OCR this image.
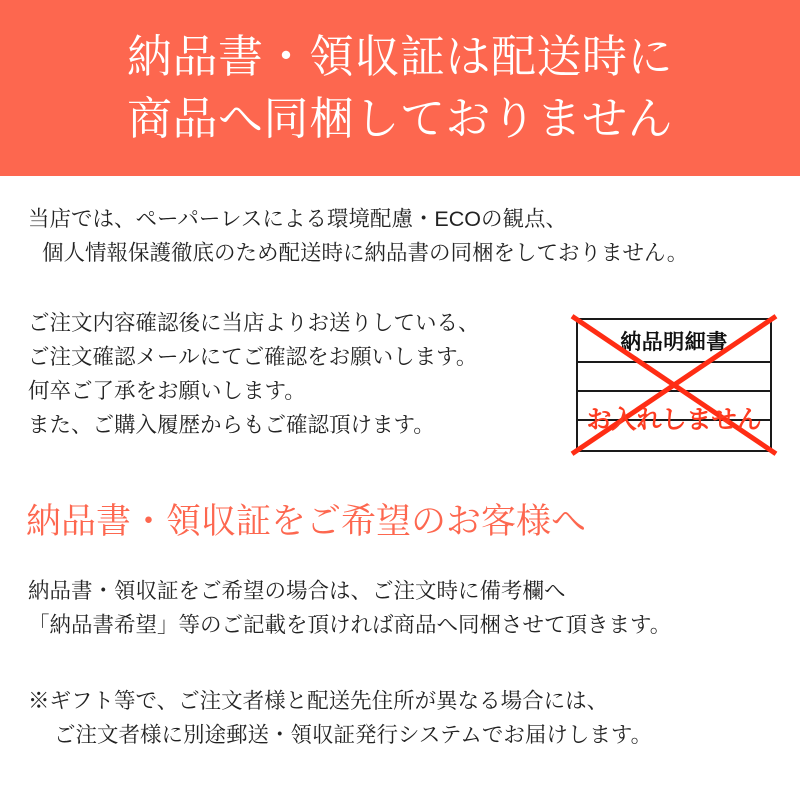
納品書・領収証は配送時に
商品へ同梱しておりません
当店では、ペーパーレスによる環境配慮・ECOの観点、

個人情報保護徹底のため配送時に納品書の同梱をしておりません。
ご注文内容確認後に当店よりお送りしている、
ご注文確認メールにてご確認をお願いします。
何卒ご了承をお願いします。
また、ご購入履歴からもご確認頂けます。
納品明細書
お入れしません
納品書・領収証をご希望のお客様へ
納品書・領収証をご希望の場合は、ご注文時に備考欄へ
「納品書希望」等のご記載を頂ければ商品へ同梱させて頂きます。
※ギフト等で、ご注文者様と配送先住所が異なる場合には、

ご注文者様に別途郵送・領収証発行システムでお届けします。
